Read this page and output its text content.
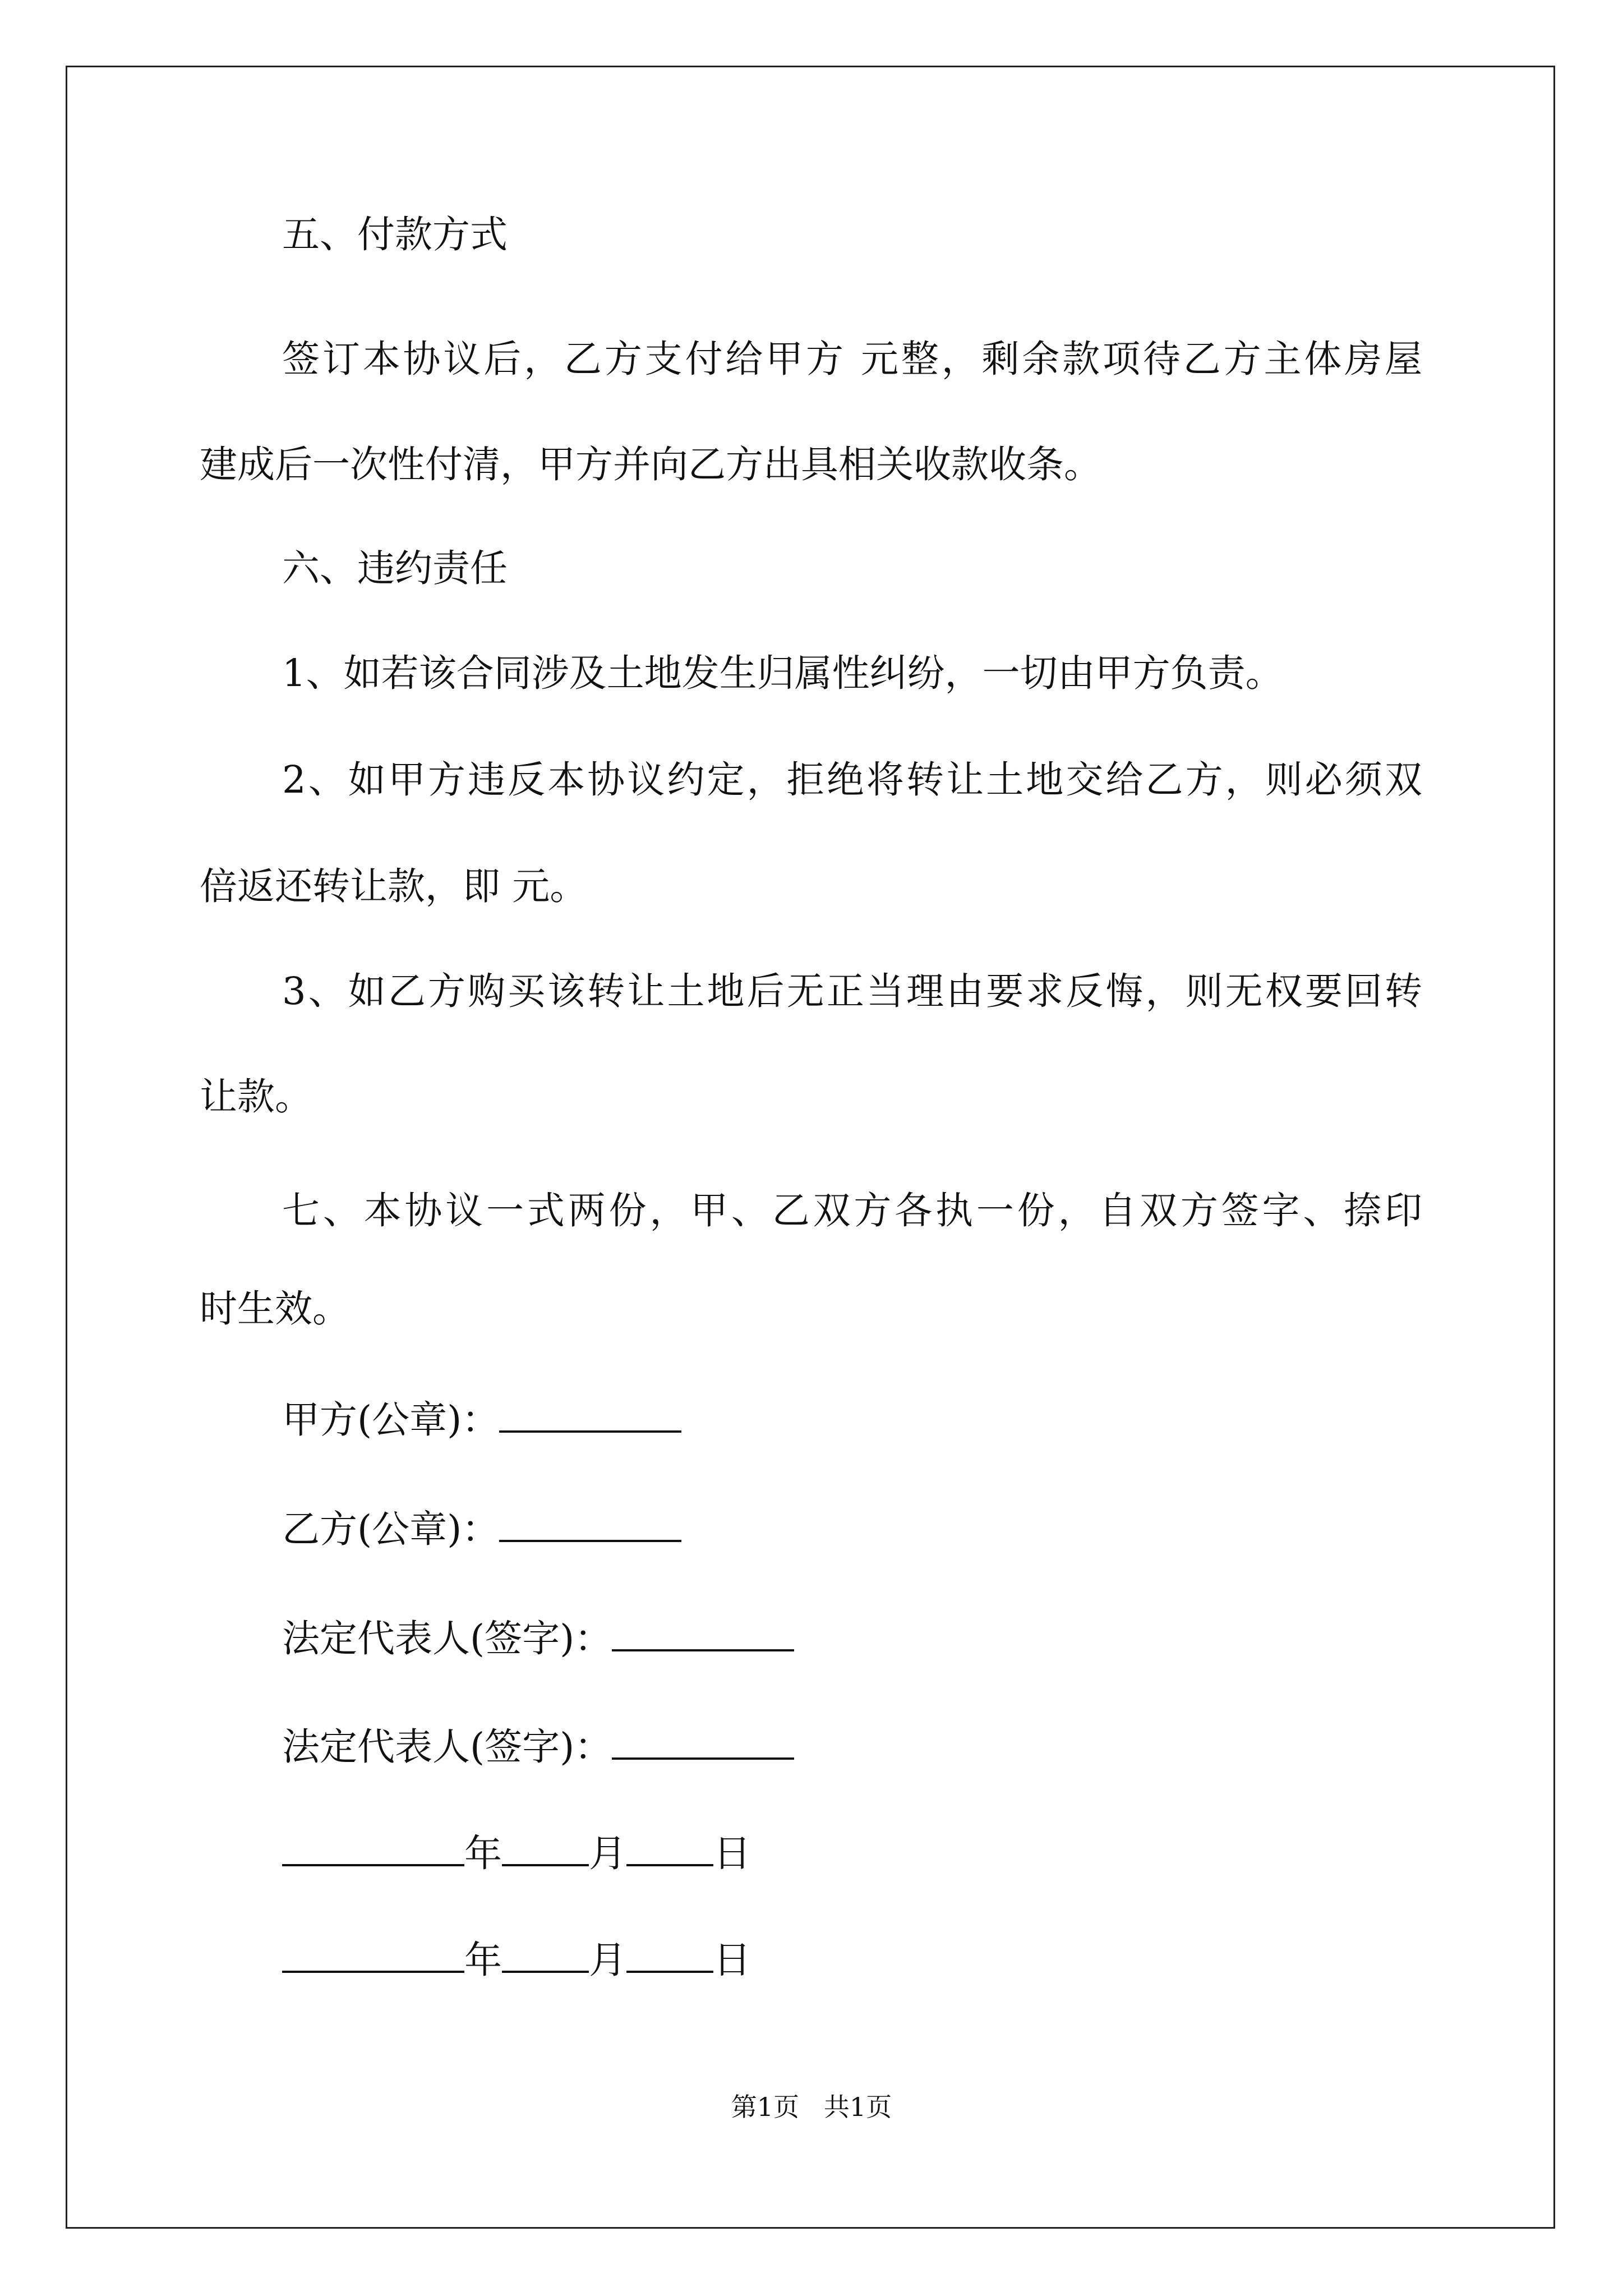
五、付款方式
签订本协议后，乙方支付给甲方 元整，剩余款项待乙方主体房屋
建成后一次性付清，甲方并向乙方出具相关收款收条。
六、违约责任
1、如若该合同涉及土地发生归属性纠纷，一切由甲方负责。
2、如甲方违反本协议约定，拒绝将转让土地交给乙方，则必须双
倍返还转让款，即 元。
3、如乙方购买该转让土地后无正当理由要求反悔，则无权要回转
让款。
七、本协议一式两份，甲、乙双方各执一份，自双方签字、捺印
时生效。
甲方(公章)：
乙方(公章)：
法定代表人(签字)：
法定代表人(签字)：
年 月 日
年 月 日
第1页   共1页
